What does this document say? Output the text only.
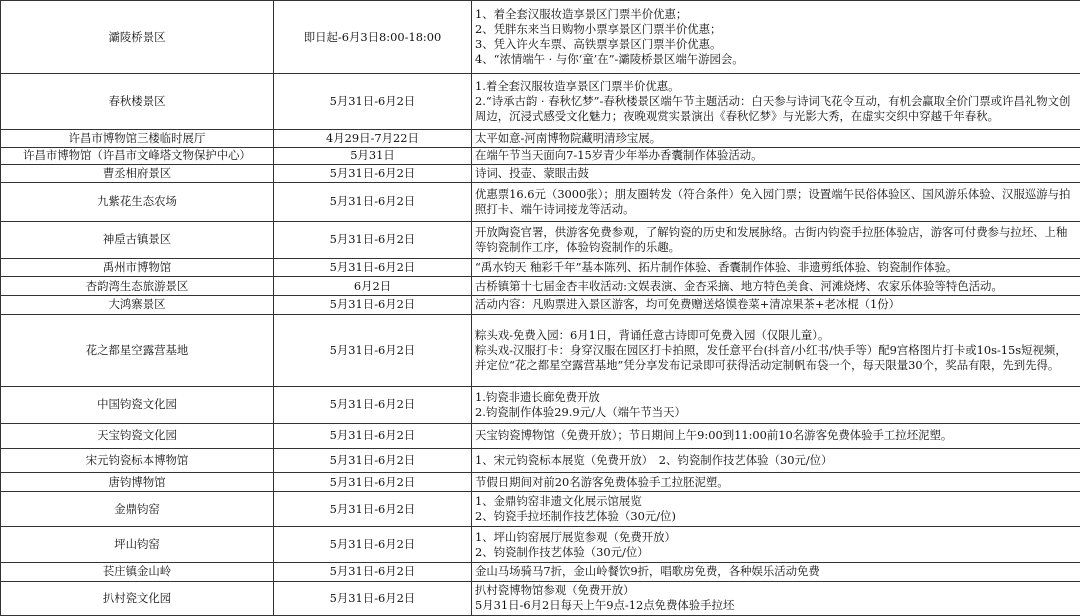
灞陵桥景区	即日起-6月3日8:00-18:00	1、着全套汉服妆造享景区门票半价优惠；
2、凭胖东来当日购物小票享景区门票半价优惠；
3、凭入许火车票、高铁票享景区门票半价优惠。
4、“浓情端午 · 与你‘童’在”-灞陵桥景区端午游园会。

春秋楼景区	5月31日-6月2日	1.着全套汉服妆造享景区门票半价优惠。
2.“诗承古韵 · 春秋忆梦”-春秋楼景区端午节主题活动：白天参与诗词飞花令互动，有机会赢取全价门票或许昌礼物文创周边，沉浸式感受文化魅力；夜晚观赏实景演出《春秋忆梦》与光影大秀，在虚实交织中穿越千年春秋。

许昌市博物馆三楼临时展厅	4月29日-7月22日	太平如意-河南博物院藏明清珍宝展。

许昌市博物馆（许昌市文峰塔文物保护中心）	5月31日	在端午节当天面向7-15岁青少年举办香囊制作体验活动。

曹丞相府景区	5月31日-6月2日	诗词、投壶、蒙眼击鼓

九紫花生态农场	5月31日-6月2日	优惠票16.6元（3000张）；朋友圈转发（符合条件）免入园门票；设置端午民俗体验区、国风游乐体验、汉服巡游与拍照打卡、端午诗词接龙等活动。

神垕古镇景区	5月31日-6月2日	开放陶瓷官署，供游客免费参观，了解钧瓷的历史和发展脉络。古街内钧瓷手拉胚体验店，游客可付费参与拉坯、上釉等钧瓷制作工序，体验钧瓷制作的乐趣。

禹州市博物馆	5月31日-6月2日	“禹水钧天 釉彩千年”基本陈列、拓片制作体验、香囊制作体验、非遗剪纸体验、钧瓷制作体验。

杏韵湾生态旅游景区	6月2日	古桥镇第十七届金杏丰收活动:文娱表演、金杏采摘、地方特色美食、河滩烧烤、农家乐体验等特色活动。

大鸿寨景区	5月31日-6月2日	活动内容：凡购票进入景区游客，均可免费赠送烙馍卷菜+清凉果茶+老冰棍（1份）

花之都星空露营基地	5月31日-6月2日	粽头戏-免费入园：6月1日，背诵任意古诗即可免费入园（仅限儿童）。
粽头戏-汉服打卡：身穿汉服在园区打卡拍照，发任意平台(抖音/小红书/快手等）配9宫格图片打卡或10s-15s短视频，并定位“花之都星空露营基地”凭分享发布记录即可获得活动定制帆布袋一个，每天限量30个，奖品有限，先到先得。

中国钧瓷文化园	5月31日-6月2日	1.钧瓷非遗长廊免费开放
2.钧瓷制作体验29.9元/人（端午节当天）

天宝钧瓷文化园	5月31日-6月2日	天宝钧瓷博物馆（免费开放）；节日期间上午9:00到11:00前10名游客免费体验手工拉坯泥塑。

宋元钧瓷标本博物馆	5月31日-6月2日	1、宋元钧瓷标本展览（免费开放）　2、钧瓷制作技艺体验（30元/位）

唐钧博物馆	5月31日-6月2日	节假日期间对前20名游客免费体验手工拉胚泥塑。

金鼎钧窑	5月31日-6月2日	1、金鼎钧窑非遗文化展示馆展览
2、钧瓷手拉坯制作技艺体验（30元/位)

坪山钧窑	5月31日-6月2日	1、坪山钧窑展厅展览参观（免费开放）
2、钧瓷制作技艺体验（30元/位）

苌庄镇金山岭	5月31日-6月2日	金山马场骑马7折，金山岭餐饮9折，唱歌房免费，各种娱乐活动免费

扒村瓷文化园	5月31日-6月2日	扒村瓷博物馆参观（免费开放）
5月31日-6月2日每天上午9点-12点免费体验手拉坯
